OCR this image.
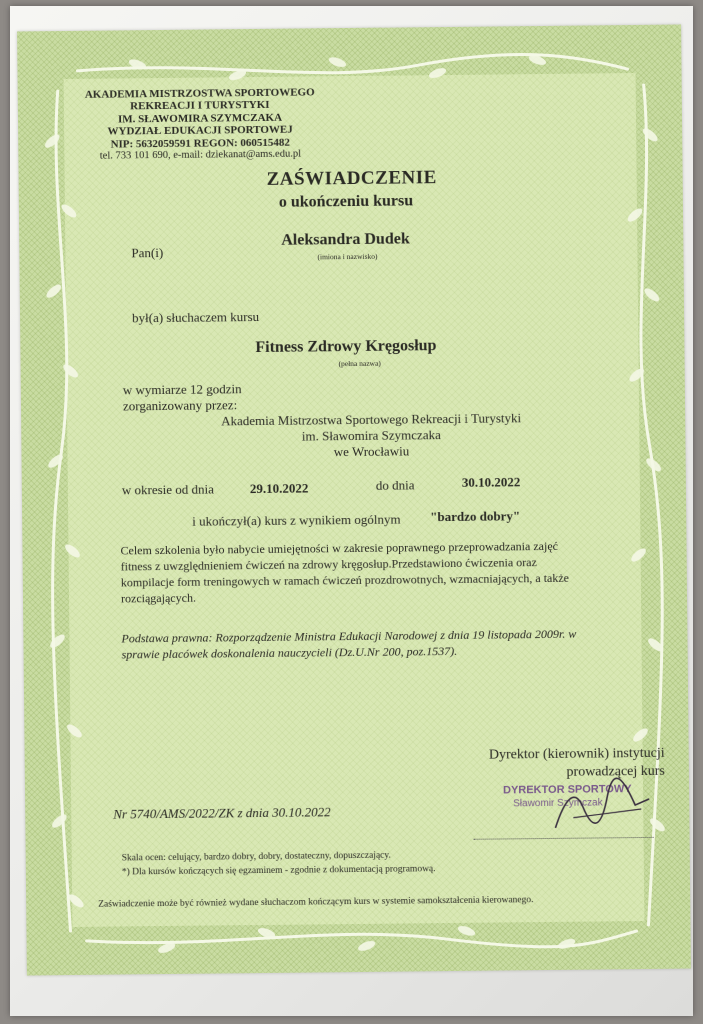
AKADEMIA MISTRZOSTWA SPORTOWEGO
REKREACJI I TURYSTYKI
IM. SŁAWOMIRA SZYMCZAKA
WYDZIAŁ EDUKACJI SPORTOWEJ
NIP: 5632059591 REGON: 060515482
tel. 733 101 690, e-mail: dziekanat@ams.edu.pl
ZAŚWIADCZENIE
o ukończeniu kursu
Pan(i)
Aleksandra Dudek
(imiona i nazwisko)
był(a) słuchaczem kursu
Fitness Zdrowy Kręgosłup
(pełna nazwa)
w wymiarze 12 godzin
zorganizowany przez:
Akademia Mistrzostwa Sportowego Rekreacji i Turystyki
im. Sławomira Szymczaka
we Wrocławiu
w okresie od dnia	29.10.2022	do dnia	30.10.2022
i ukończył(a) kurs z wynikiem ogólnym "bardzo dobry"
Celem szkolenia było nabycie umiejętności w zakresie poprawnego przeprowadzania zajęć fitness z uwzględnieniem ćwiczeń na zdrowy kręgosłup.Przedstawiono ćwiczenia oraz kompilacje form treningowych w ramach ćwiczeń prozdrowotnych, wzmacniających, a także rozciągających.
Podstawa prawna: Rozporządzenie Ministra Edukacji Narodowej z dnia 19 listopada 2009r. w sprawie placówek doskonalenia nauczycieli (Dz.U.Nr 200, poz.1537).
Dyrektor (kierownik) instytucji
prowadzącej kurs
DYREKTOR SPORTOWY
Sławomir Szymczak
Nr 5740/AMS/2022/ZK z dnia 30.10.2022
Skala ocen: celujący, bardzo dobry, dobry, dostateczny, dopuszczający.
*) Dla kursów kończących się egzaminem - zgodnie z dokumentacją programową.
Zaświadczenie może być również wydane słuchaczom kończącym kurs w systemie samokształcenia kierowanego.
